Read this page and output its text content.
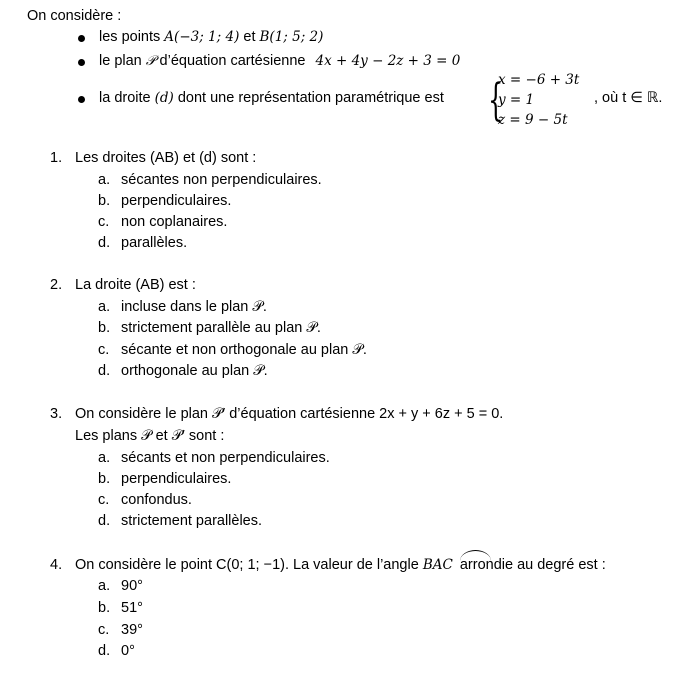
On considère :
les points A(−3; 1; 4) et B(1; 5; 2)
le plan 𝒫 d’équation cartésienne 4x + 4y − 2z + 3 = 0
la droite (d) dont une représentation paramétrique est {
x = −6 + 3t
y = 1
z = 9 − 5t
, où t ∈ ℝ.
1. Les droites (AB) et (d) sont :
a. sécantes non perpendiculaires.
b. perpendiculaires.
c. non coplanaires.
d. parallèles.
2. La droite (AB) est :
a. incluse dans le plan 𝒫.
b. strictement parallèle au plan 𝒫.
c. sécante et non orthogonale au plan 𝒫.
d. orthogonale au plan 𝒫.
3. On considère le plan 𝒫′ d’équation cartésienne 2x + y + 6z + 5 = 0.
Les plans 𝒫 et 𝒫′ sont :
a. sécants et non perpendiculaires.
b. perpendiculaires.
c. confondus.
d. strictement parallèles.
4. On considère le point C(0; 1; −1). La valeur de l’angle BAC arrondie au degré est :
a. 90°
b. 51°
c. 39°
d. 0°
